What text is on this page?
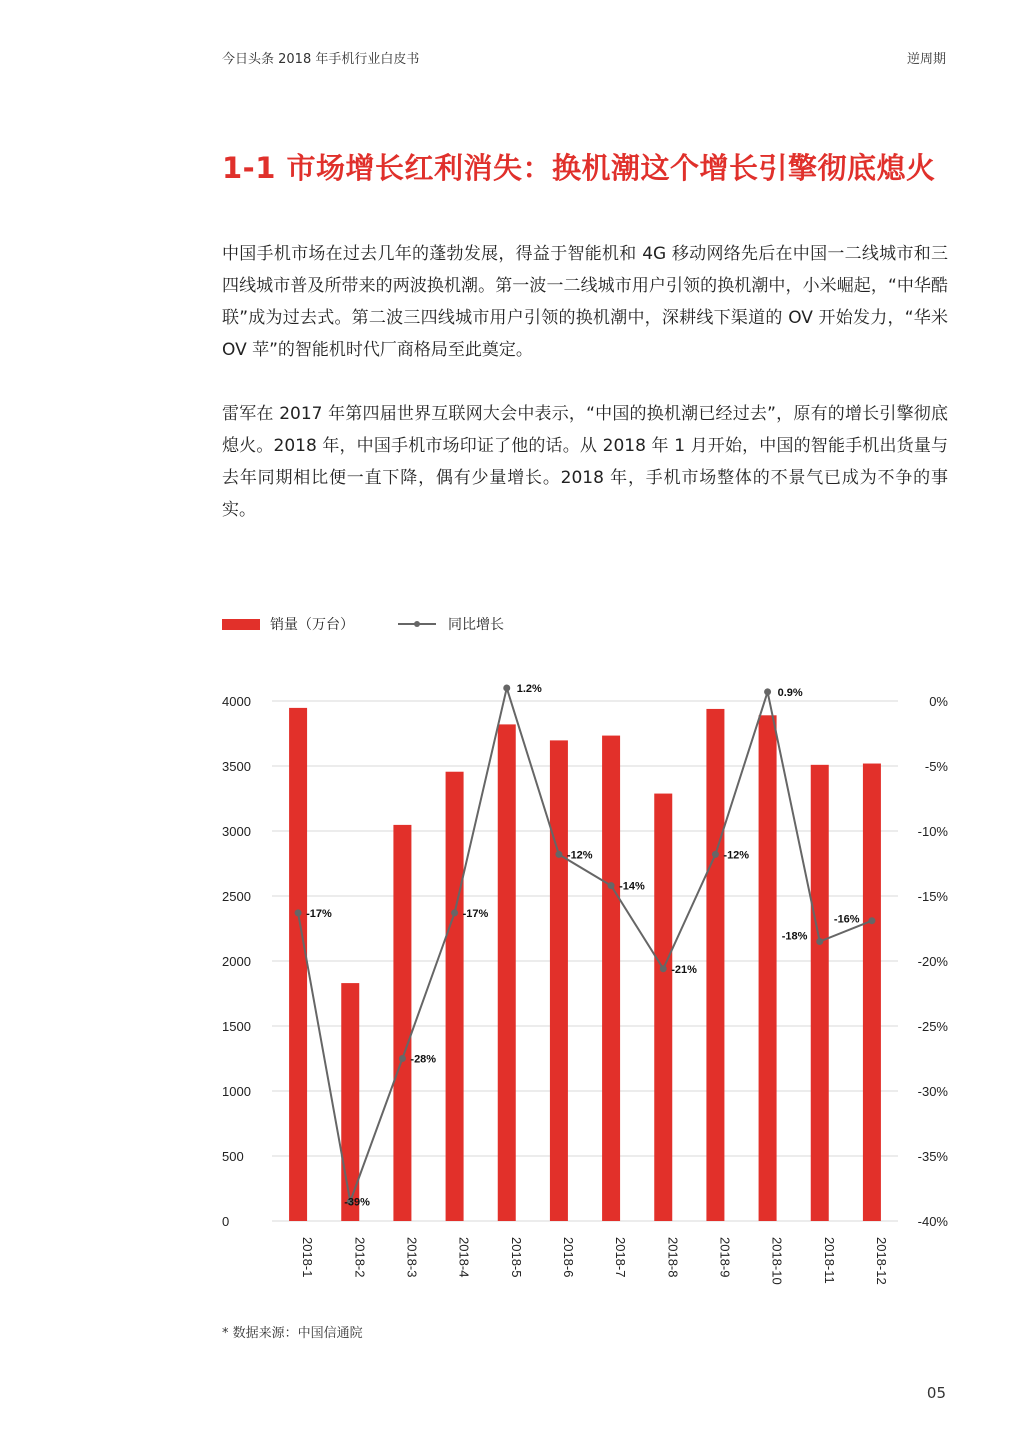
今日头条 2018 年手机行业白皮书	逆周期
1-1 市场增长红利消失：换机潮这个增长引擎彻底熄火

中国手机市场在过去几年的蓬勃发展，得益于智能机和 4G 移动网络先后在中国一二线城市和三四线城市普及所带来的两波换机潮。第一波一二线城市用户引领的换机潮中，小米崛起，“中华酷联”成为过去式。第二波三四线城市用户引领的换机潮中，深耕线下渠道的 OV 开始发力，“华米 OV 苹”的智能机时代厂商格局至此奠定。

雷军在 2017 年第四届世界互联网大会中表示，“中国的换机潮已经过去”，原有的增长引擎彻底熄火。2018 年，中国手机市场印证了他的话。从 2018 年 1 月开始，中国的智能手机出货量与去年同期相比便一直下降，偶有少量增长。2018 年，手机市场整体的不景气已成为不争的事实。

销量（万台）	同比增长
0
500
1000
1500
2000
2500
3000
3500
4000
-40%
-35%
-30%
-25%
-20%
-15%
-10%
-5%
0%
2018-1	2018-2	2018-3	2018-4	2018-5	2018-6	2018-7	2018-8	2018-9	2018-10	2018-11	2018-12
-17%
-39%
-28%
-17%
1.2%
-12%
-14%
-21%
-12%
0.9%
-18%
-16%
* 数据来源：中国信通院
05
